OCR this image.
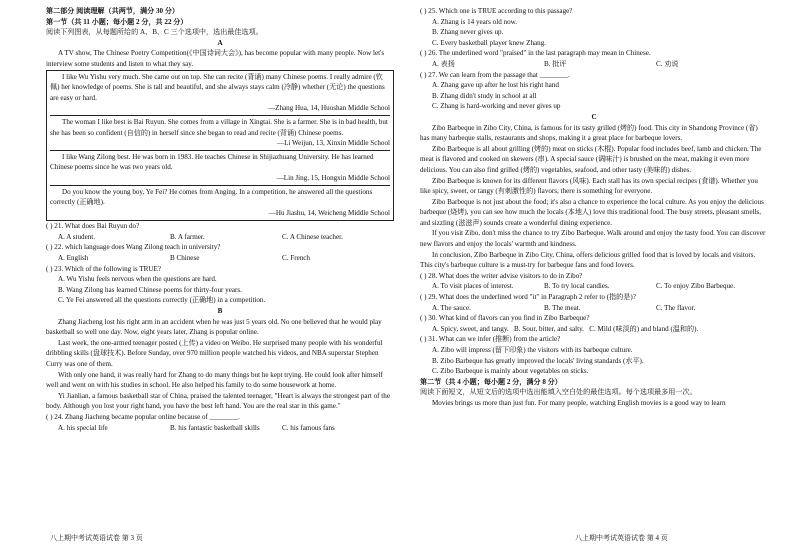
第二部分 阅读理解（共两节，满分 30 分）

第一节（共 11 小题；每小题 2 分，共 22 分）

阅读下列图表，从每题所给的 A、B、C 三个选项中，选出最佳选项。

A

A TV show, The Chinese Poetry Competition(《中国诗词大会》), has become popular with many people. Now let's interview some students and listen to what they say.

I like Wu Yishu very much. She came out on top. She can recite (背诵) many Chinese poems. I really admire (钦佩) her knowledge of poems. She is tall and beautiful, and she always stays calm (冷静) whether (无论) the questions are easy or hard.

—Zhang Hua, 14, Huoshan Middle School

The woman I like best is Bai Ruyun. She comes from a village in Xingtai. She is a farmer. She is in bad health, but she has been so confident (自信的) in herself since she began to read and recite (背诵) Chinese poems.

—Li Weijun, 13, Xinxin Middle School

I like Wang Zilong best. He was born in 1983. He teaches Chinese in Shijiazhuang University. He has learned Chinese poems since he was two years old.

—Lin Jing, 15, Hongxin Middle School

Do you know the young boy, Ye Fei? He comes from Anging. In a competition, he answered all the questions correctly (正确地).

—Hu Jiashu, 14, Weicheng Middle School

( ) 21. What does Bai Ruyun do?

A. A student.	B. A farmer.	C. A Chinese teacher.

( ) 22. which language does Wang Zilong teach in university?

A. English	B Chinese	C. French

( ) 23. Which of the following is TRUE?

A. Wu Yishu feels nervous when the questions are hard.

B. Wang Zilong has learned Chinese poems for thirty-four years.

C. Ye Fei answered all the questions correctly (正确地) in a competition.

B

Zhang Jiacheng lost his right arm in an accident when he was just 5 years old. No one believed that he would play basketball so well one day. Now, eight years later, Zhang is popular online.

Last week, the one-armed teenager posted (上传) a video on Weibo. He surprised many people with his wonderful dribbling skills (盘球技术). Before Sunday, over 970 million people watched his videos, and NBA superstar Stephen Curry was one of them.

With only one hand, it was really hard for Zhang to do many things but he kept trying. He could look after himself well and went on with his studies in school. He also helped his family to do some housework at home.

Yi Jianlian, a famous basketball star of China, praised the talented teenager, "Heart is always the strongest part of the body. Although you lost your right hand, you have the best left hand. You are the real star in this game."

( ) 24. Zhang Jiacheng became popular online because of ________.

A. his special life	B. his fantastic basketball skills	C. his famous fans

( ) 25. Which one is TRUE according to this passage?

A. Zhang is 14 years old now.

B. Zhang never gives up.

C. Every basketball player knew Zhang.

( ) 26. The underlined word "praised" in the last paragraph may mean in Chinese.

A. 表扬	B. 批评	C. 劝说

( ) 27. We can learn from the passage that ________.

A. Zhang gave up after he lost his right hand

B. Zhang didn't study in school at all

C. Zhang is hard-working and never gives up

C

Zibo Barbeque in Zibo City, China, is famous for its tasty grilled (烤的) food. This city in Shandong Province (省) has many barbeque stalls, restaurants and shops, making it a great place for barbeque lovers.

Zibo Barbeque is all about grilling (烤的) meat on sticks (木棍). Popular food includes beef, lamb and chicken. The meat is flavored and cooked on skewers (串). A special sauce (调味汁) is brushed on the meat, making it even more delicious. You can also find grilled (烤的) vegetables, seafood, and other tasty (美味的) dishes.

Zibo Barbeque is known for its different flavors (风味). Each stall has its own special recipes (食谱). Whether you like spicy, sweet, or tangy (有刺激性的) flavors, there is something for everyone.

Zibo Barbeque is not just about the food; it's also a chance to experience the local culture. As you enjoy the delicious barbeque (烧烤), you can see how much the locals (本地人) love this traditional food. The busy streets, pleasant smells, and sizzling (滋滋声) sounds create a wonderful dining experience.

If you visit Zibo, don't miss the chance to try Zibo Barbeque. Walk around and enjoy the tasty food. You can discover new flavors and enjoy the locals' warmth and kindness.

In conclusion, Zibo Barbeque in Zibo City, China, offers delicious grilled food that is loved by locals and visitors. This city's barbeque culture is a must-try for barbeque fans and food lovers.

( ) 28. What does the writer advise visitors to do in Zibo?

A. To visit places of interest.	B. To try local candies.	C. To enjoy Zibo Barbeque.

( ) 29. What does the underlined word "it" in Paragraph 2 refer to (指的是)?

A. The sauce.	B. The meat.	C. The flavor.

( ) 30. What kind of flavors can you find in Zibo Barbeque?

A. Spicy, sweet, and tangy. B. Sour, bitter, and salty. C. Mild (味淡的) and bland (温和的).

( ) 31. What can we infer (推断) from the article?

A. Zibo will impress (留下印象) the visitors with its barbeque culture.

B. Zibo Barbeque has greatly improved the locals' living standards (水平).

C. Zibo Barbeque is mainly about vegetables on sticks.

第二节（共 4 小题；每小题 2 分，满分 8 分）

阅读下面短文，从短文后的选项中选出能填入空白处的最佳选项。每个选项最多用一次。

Movies brings us more than just fun. For many people, watching English movies is a good way to learn

八上期中考试英语试卷 第 3 页	八上期中考试英语试卷 第 4 页
